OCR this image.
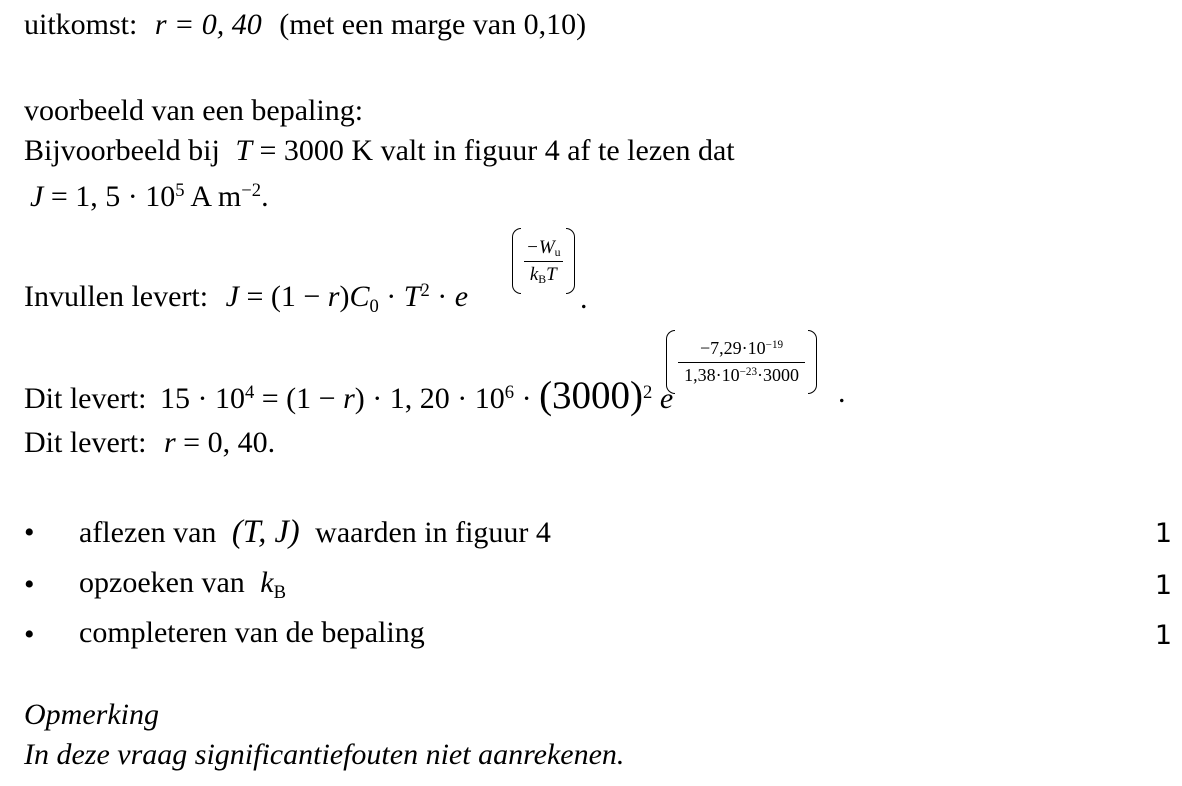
uitkomst: r = 0, 40 (met een marge van 0,10)
voorbeeld van een bepaling:
Bijvoorbeeld bij T = 3000 K valt in figuur 4 af te lezen dat
J = 1, $5 \cdot 10^5$ A $m^{-2}$.
Invullen levert: $J = (1 - r)C_0 \cdot T^2 \cdot e$
$\frac{-W_u}{k_BT}$
.
Dit levert: $15 \cdot 10^4 = (1 - r) \cdot 1$, $20 \cdot 10^6 \cdot (3000)^2$ e
$\frac{-7,29\cdot 10^{-19}}{1,38\cdot 10^{-23}\cdot 3000}$
.
Dit levert: r = 0, 40.
• aflezen van (T, J) waarden in figuur 4	1
• opzoeken van $k_B$	1
• completeren van de bepaling	1
Opmerking
In deze vraag significantiefouten niet aanrekenen.
